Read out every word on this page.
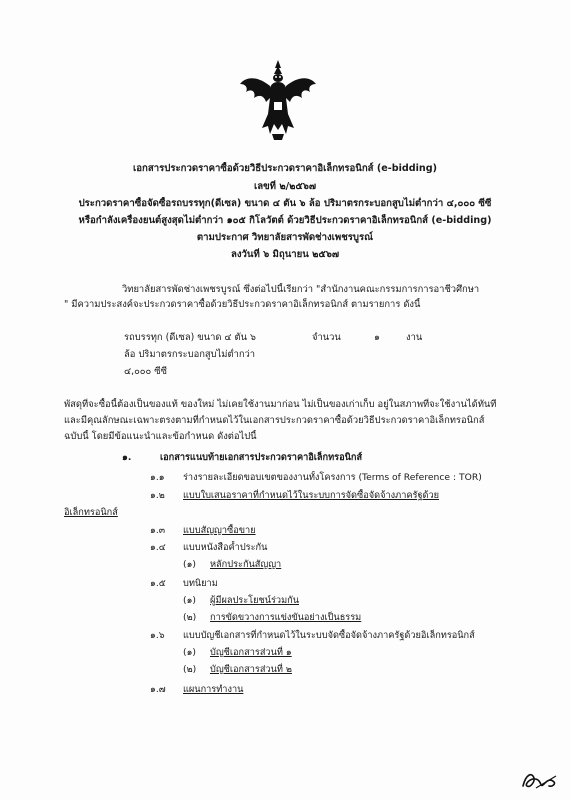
เอกสารประกวดราคาซื้อด้วยวิธีประกวดราคาอิเล็กทรอนิกส์ (e-bidding)
เลขที่ ๒/๒๕๖๗
ประกวดราคาซื้อจัดซื้อรถบรรทุก(ดีเซล) ขนาด ๔ ตัน ๖ ล้อ ปริมาตรกระบอกสูบไม่ต่ำกว่า ๔,๐๐๐ ซีซี
หรือกำลังเครื่องยนต์สูงสุดไม่ต่ำกว่า ๑๐๕ กิโลวัตต์ ด้วยวิธีประกวดราคาอิเล็กทรอนิกส์ (e-bidding)
ตามประกาศ วิทยาลัยสารพัดช่างเพชรบูรณ์
ลงวันที่ ๖ มิถุนายน ๒๕๖๗
วิทยาลัยสารพัดช่างเพชรบูรณ์ ซึ่งต่อไปนี้เรียกว่า "สำนักงานคณะกรรมการการอาชีวศึกษา
" มีความประสงค์จะประกวดราคาซื้อด้วยวิธีประกวดราคาอิเล็กทรอนิกส์ ตามรายการ ดังนี้
รถบรรทุก (ดีเซล) ขนาด ๔ ตัน ๖	จำนวน	๑	งาน
ล้อ ปริมาตรกระบอกสูบไม่ต่ำกว่า
๔,๐๐๐ ซีซี
พัสดุที่จะซื้อนี้ต้องเป็นของแท้ ของใหม่ ไม่เคยใช้งานมาก่อน ไม่เป็นของเก่าเก็บ อยู่ในสภาพที่จะใช้งานได้ทันที
และมีคุณลักษณะเฉพาะตรงตามที่กำหนดไว้ในเอกสารประกวดราคาซื้อด้วยวิธีประกวดราคาอิเล็กทรอนิกส์
ฉบับนี้ โดยมีข้อแนะนำและข้อกำหนด ดังต่อไปนี้
๑.	เอกสารแนบท้ายเอกสารประกวดราคาอิเล็กทรอนิกส์
๑.๑	ร่างรายละเอียดขอบเขตของงานทั้งโครงการ (Terms of Reference : TOR)
๑.๒	แบบใบเสนอราคาที่กำหนดไว้ในระบบการจัดซื้อจัดจ้างภาครัฐด้วย
อิเล็กทรอนิกส์
๑.๓	แบบสัญญาซื้อขาย
๑.๔	แบบหนังสือค้ำประกัน
(๑)	หลักประกันสัญญา
๑.๕	บทนิยาม
(๑)	ผู้มีผลประโยชน์ร่วมกัน
(๒)	การขัดขวางการแข่งขันอย่างเป็นธรรม
๑.๖	แบบบัญชีเอกสารที่กำหนดไว้ในระบบจัดซื้อจัดจ้างภาครัฐด้วยอิเล็กทรอนิกส์
(๑)	บัญชีเอกสารส่วนที่ ๑
(๒)	บัญชีเอกสารส่วนที่ ๒
๑.๗	แผนการทำงาน
